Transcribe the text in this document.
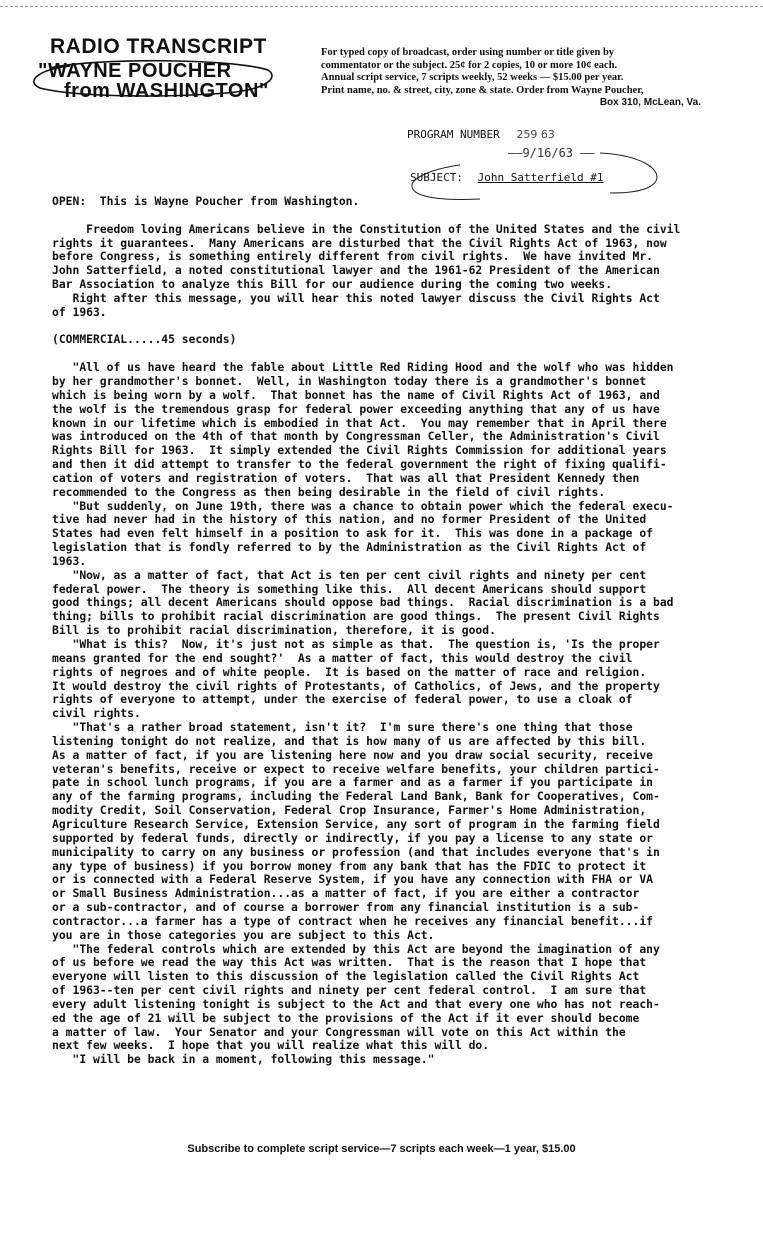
RADIO TRANSCRIPT
"WAYNE POUCHER
from WASHINGTON"
For typed copy of broadcast, order using number or title given by
commentator or the subject. 25¢ for 2 copies, 10 or more 10¢ each.
Annual script service, 7 scripts weekly, 52 weeks — $15.00 per year.
Print name, no. & street, city, zone & state. Order from Wayne Poucher,
Box 310, McLean, Va.
PROGRAM NUMBER 259 63
——9/16/63 ——
SUBJECT: John Satterfield #1

OPEN:  This is Wayne Poucher from Washington.

Freedom loving Americans believe in the Constitution of the United States and the civil
rights it guarantees.  Many Americans are disturbed that the Civil Rights Act of 1963, now
before Congress, is something entirely different from civil rights.  We have invited Mr.
John Satterfield, a noted constitutional lawyer and the 1961-62 President of the American
Bar Association to analyze this Bill for our audience during the coming two weeks.
Right after this message, you will hear this noted lawyer discuss the Civil Rights Act
of 1963.

(COMMERCIAL.....45 seconds)

"All of us have heard the fable about Little Red Riding Hood and the wolf who was hidden
by her grandmother's bonnet.  Well, in Washington today there is a grandmother's bonnet
which is being worn by a wolf.  That bonnet has the name of Civil Rights Act of 1963, and
the wolf is the tremendous grasp for federal power exceeding anything that any of us have
known in our lifetime which is embodied in that Act.  You may remember that in April there
was introduced on the 4th of that month by Congressman Celler, the Administration's Civil
Rights Bill for 1963.  It simply extended the Civil Rights Commission for additional years
and then it did attempt to transfer to the federal government the right of fixing qualifi-
cation of voters and registration of voters.  That was all that President Kennedy then
recommended to the Congress as then being desirable in the field of civil rights.
"But suddenly, on June 19th, there was a chance to obtain power which the federal execu-
tive had never had in the history of this nation, and no former President of the United
States had even felt himself in a position to ask for it.  This was done in a package of
legislation that is fondly referred to by the Administration as the Civil Rights Act of
1963.
"Now, as a matter of fact, that Act is ten per cent civil rights and ninety per cent
federal power.  The theory is something like this.  All decent Americans should support
good things; all decent Americans should oppose bad things.  Racial discrimination is a bad
thing; bills to prohibit racial discrimination are good things.  The present Civil Rights
Bill is to prohibit racial discrimination, therefore, it is good.
"What is this?  Now, it's just not as simple as that.  The question is, 'Is the proper
means granted for the end sought?'  As a matter of fact, this would destroy the civil
rights of negroes and of white people.  It is based on the matter of race and religion.
It would destroy the civil rights of Protestants, of Catholics, of Jews, and the property
rights of everyone to attempt, under the exercise of federal power, to use a cloak of
civil rights.
"That's a rather broad statement, isn't it?  I'm sure there's one thing that those
listening tonight do not realize, and that is how many of us are affected by this bill.
As a matter of fact, if you are listening here now and you draw social security, receive
veteran's benefits, receive or expect to receive welfare benefits, your children partici-
pate in school lunch programs, if you are a farmer and as a farmer if you participate in
any of the farming programs, including the Federal Land Bank, Bank for Cooperatives, Com-
modity Credit, Soil Conservation, Federal Crop Insurance, Farmer's Home Administration,
Agriculture Research Service, Extension Service, any sort of program in the farming field
supported by federal funds, directly or indirectly, if you pay a license to any state or
municipality to carry on any business or profession (and that includes everyone that's in
any type of business) if you borrow money from any bank that has the FDIC to protect it
or is connected with a Federal Reserve System, if you have any connection with FHA or VA
or Small Business Administration...as a matter of fact, if you are either a contractor
or a sub-contractor, and of course a borrower from any financial institution is a sub-
contractor...a farmer has a type of contract when he receives any financial benefit...if
you are in those categories you are subject to this Act.
"The federal controls which are extended by this Act are beyond the imagination of any
of us before we read the way this Act was written.  That is the reason that I hope that
everyone will listen to this discussion of the legislation called the Civil Rights Act
of 1963--ten per cent civil rights and ninety per cent federal control.  I am sure that
every adult listening tonight is subject to the Act and that every one who has not reach-
ed the age of 21 will be subject to the provisions of the Act if it ever should become
a matter of law.  Your Senator and your Congressman will vote on this Act within the
next few weeks.  I hope that you will realize what this will do.
"I will be back in a moment, following this message."

Subscribe to complete script service—7 scripts each week—1 year, $15.00
